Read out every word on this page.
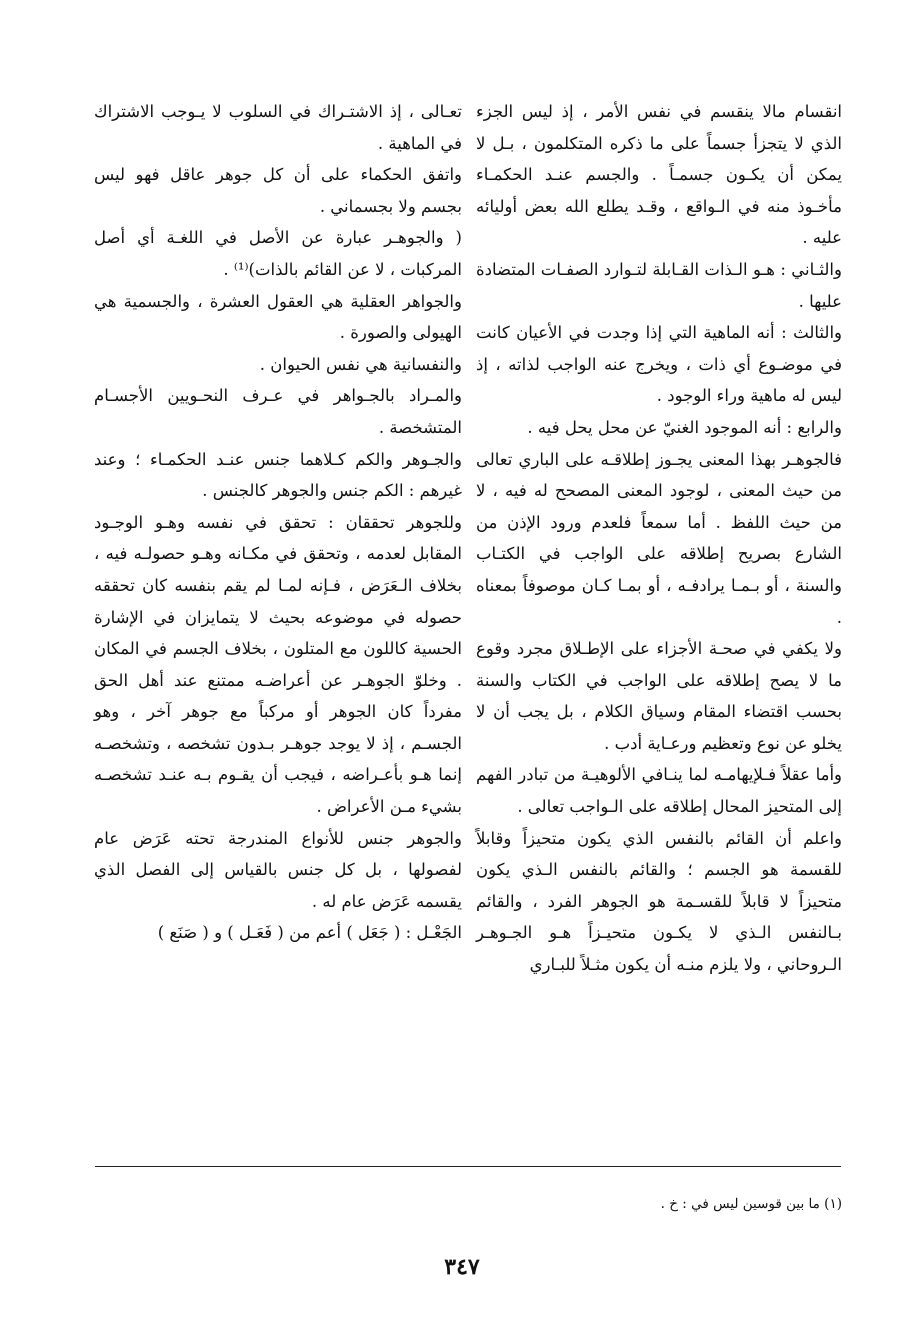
انقسام مالا ينقسم في نفس الأمر ، إذ ليس الجزء الذي لا يتجزأ جسماً على ما ذكره المتكلمون ، بـل لا يمكن أن يكـون جسمـاً . والجسم عنـد الحكمـاء مأخـوذ منه في الـواقع ، وقـد يطلع الله بعض أوليائه عليه .

والثـاني : هـو الـذات القـابلة لتـوارد الصفـات المتضادة عليها .

والثالث : أنه الماهية التي إذا وجدت في الأعيان كانت في موضـوع أي ذات ، ويخرج عنه الواجب لذاته ، إذ ليس له ماهية وراء الوجود .

والرابع : أنه الموجود الغنيّ عن محل يحل فيه .

فالجوهـر بهذا المعنى يجـوز إطلاقـه على الباري تعالى من حيث المعنى ، لوجود المعنى المصحح له فيه ، لا من حيث اللفظ . أما سمعاً فلعدم ورود الإذن من الشارع بصريح إطلاقه على الواجب في الكتـاب والسنة ، أو بـمـا يرادفـه ، أو بمـا كـان موصوفاً بمعناه .

ولا يكفي في صحـة الأجزاء على الإطـلاق مجرد وقوع ما لا يصح إطلاقه على الواجب في الكتاب والسنة بحسب اقتضاء المقام وسياق الكلام ، بل يجب أن لا يخلو عن نوع وتعظيم ورعـاية أدب .

وأما عقلاً فـلإيهامـه لما ينـافي الألوهيـة من تبادر الفهم إلى المتحيز المحال إطلاقه على الـواجب تعالى .

واعلم أن القائم بالنفس الذي يكون متحيزاً وقابلاً للقسمة هو الجسم ؛ والقائم بالنفس الـذي يكون متحيزاً لا قابلاً للقسـمة هو الجوهر الفرد ، والقائم بـالنفس الـذي لا يكـون متحيـزاً هـو الجـوهـر الـروحاني ، ولا يلزم منـه أن يكون مثـلاً للبـاري

تعـالى ، إذ الاشتـراك في السلوب لا يـوجب الاشتراك في الماهية .

واتفق الحكماء على أن كل جوهر عاقل فهو ليس بجسم ولا بجسماني .

( والجوهـر عبارة عن الأصل في اللغـة أي أصل المركبات ، لا عن القائم بالذات)⁽¹⁾ .

والجواهر العقلية هي العقول العشرة ، والجسمية هي الهيولى والصورة .

والنفسانية هي نفس الحيوان .

والمـراد بالجـواهر في عـرف النحـويين الأجسـام المتشخصة .

والجـوهر والكم كـلاهما جنس عنـد الحكمـاء ؛ وعند غيرهم : الكم جنس والجوهر كالجنس .

وللجوهر تحققان : تحقق في نفسه وهـو الوجـود المقابل لعدمه ، وتحقق في مكـانه وهـو حصولـه فيه ، بخلاف الـعَرَض ، فـإنه لمـا لم يقم بنفسه كان تحققه حصوله في موضوعه بحيث لا يتمايزان في الإشارة الحسية كاللون مع المتلون ، بخلاف الجسم في المكان . وخلوّ الجوهـر عن أعراضـه ممتنع عند أهل الحق مفرداً كان الجوهر أو مركباً مع جوهر آخر ، وهو الجسـم ، إذ لا يوجد جوهـر بـدون تشخصه ، وتشخصـه إنما هـو بأعـراضه ، فيجب أن يقـوم بـه عنـد تشخصـه بشيء مـن الأعراض .

والجوهر جنس للأنواع المندرجة تحته عَرَض عام لفصولها ، بل كل جنس بالقياس إلى الفصل الذي يقسمه عَرَض عام له .

الجَعْـل : ( جَعَل ) أعم من ( فَعَـل ) و ( صَنَع )

(١) ما بين قوسين ليس في : خ .
٣٤٧
